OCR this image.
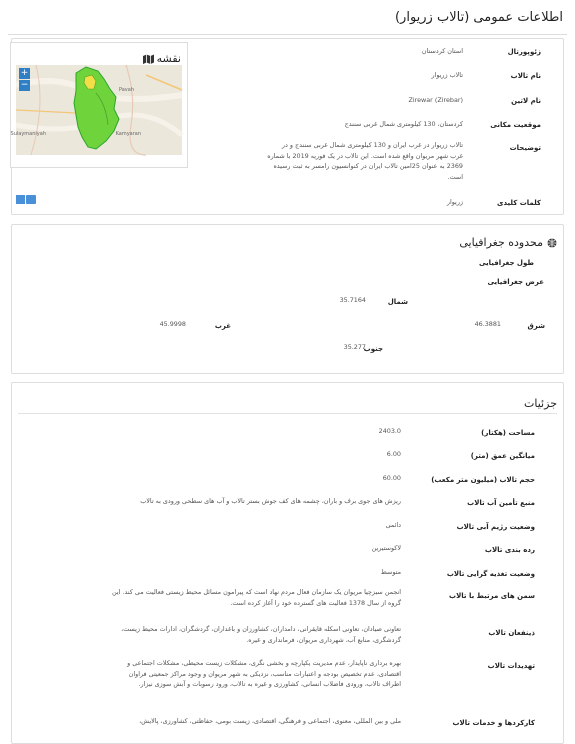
اطلاعات عمومی (تالاب زریوار)
زئوپورتال
استان کردستان
نام تالاب
تالاب زریوار
نام لاتین
Zirewar (Zirebar)
موقعیت مکانی
کردستان، 130 کیلومتری شمال غربی سنندج
توضیحات
تالاب زریوار در غرب ایران و 130 کیلومتری شمال غربی سنندج و در غرب شهر مریوان واقع شده است. این تالاب در یک فوریه 2019 با شماره 2369 به عنوان 25امین تالاب ایران در کنوانسیون رامسر به ثبت رسیده است.
کلمات کلیدی
زریوار
نقشه
Pavah
Sulaymaniyah	Kamyaran
+
−
محدوده جغرافیایی
طول جغرافیایی
عرض جغرافیایی
شمال
35.7164
شرق
46.3881
غرب
45.9998
جنوب
35.277
جزئیات
مساحت (هکتار)
2403.0
میانگین عمق (متر)
6.00
حجم تالاب (میلیون متر مکعب)
60.00
منبع تأمین آب تالاب
ریزش های جوی برف و باران، چشمه های کف جوش بستر تالاب و آب های سطحی ورودی به تالاب
وضعیت رژیم آبی تالاب
دائمی
رده بندی تالاب
لاکوستیرین
وضعیت تغذیه گرایی تالاب
متوسط
سمن های مرتبط با تالاب
انجمن سبزچیا مریوان یک سازمان فعال مردم نهاد است که پیرامون مسائل محیط زیستی فعالیت می کند. این گروه از سال 1378 فعالیت های گسترده خود را آغاز کرده است.
ذینفعان تالاب
تعاونی صیادان، تعاونی اسکله قایقرانی، دامداران، کشاورزان و باغداران، گردشگران، ادارات محیط زیست، گردشگری، منابع آب، شهرداری مریوان، فرمانداری و غیره.
تهدیدات تالاب
بهره برداری ناپایدار، عدم مدیریت یکپارچه و بخشی نگری، مشکلات زیست محیطی، مشکلات اجتماعی و اقتصادی، عدم تخصیص بودجه و اعتبارات مناسب، نزدیکی به شهر مریوان و وجود مراکز جمعیتی فراوان اطراف تالاب، ورودی فاضلاب انسانی، کشاورزی و غیره به تالاب، ورود رسوبات و آبش سوزی نیزار.
کارکردها و خدمات تالاب
ملی و بین المللی، معنوی، اجتماعی و فرهنگی، اقتصادی، زیست بومی، حفاظتی، کشاورزی، پالایش،
